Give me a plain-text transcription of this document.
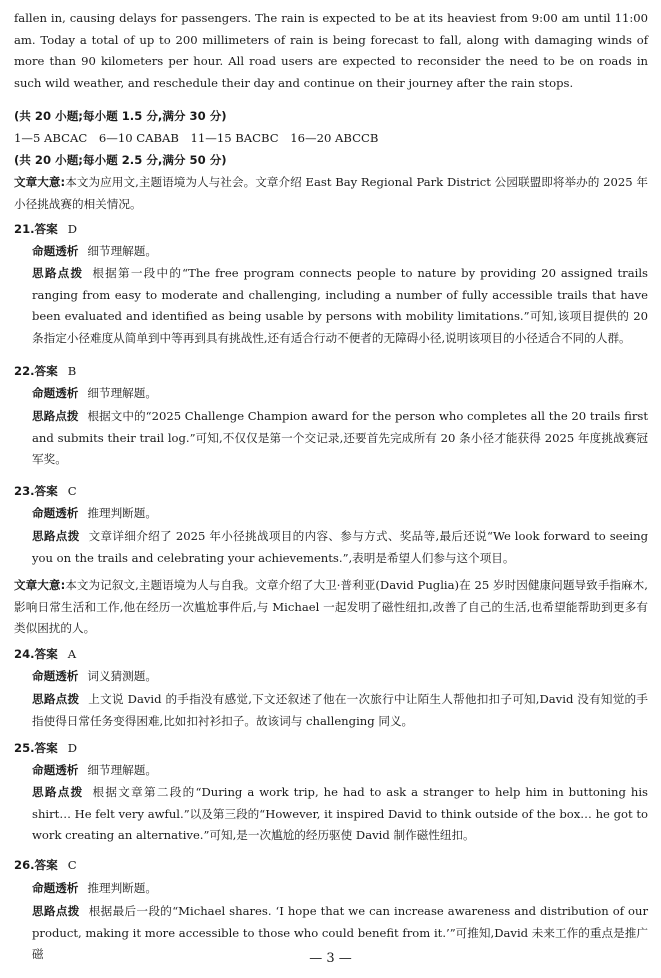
fallen in, causing delays for passengers. The rain is expected to be at its heaviest from 9:00 am until 11:00 am. Today a total of up to 200 millimeters of rain is being forecast to fall, along with damaging winds of more than 90 kilometers per hour. All road users are expected to reconsider the need to be on roads in such wild weather, and reschedule their day and continue on their journey after the rain stops.

(共 20 小题;每小题 1.5 分,满分 30 分)

1—5 ABCAC　6—10 CABAB　11—15 BACBC　16—20 ABCCB

(共 20 小题;每小题 2.5 分,满分 50 分)

文章大意:本文为应用文,主题语境为人与社会。文章介绍 East Bay Regional Park District 公园联盟即将举办的 2025 年小径挑战赛的相关情况。

21.答案 D

命题透析 细节理解题。

思路点拨 根据第一段中的“The free program connects people to nature by providing 20 assigned trails ranging from easy to moderate and challenging, including a number of fully accessible trails that have been evaluated and identified as being usable by persons with mobility limitations.”可知,该项目提供的 20 条指定小径难度从简单到中等再到具有挑战性,还有适合行动不便者的无障碍小径,说明该项目的小径适合不同的人群。

22.答案 B

命题透析 细节理解题。

思路点拨 根据文中的“2025 Challenge Champion award for the person who completes all the 20 trails first and submits their trail log.”可知,不仅仅是第一个交记录,还要首先完成所有 20 条小径才能获得 2025 年度挑战赛冠军奖。

23.答案 C

命题透析 推理判断题。

思路点拨 文章详细介绍了 2025 年小径挑战项目的内容、参与方式、奖品等,最后还说“We look forward to seeing you on the trails and celebrating your achievements.”,表明是希望人们参与这个项目。

文章大意:本文为记叙文,主题语境为人与自我。文章介绍了大卫·普利亚(David Puglia)在 25 岁时因健康问题导致手指麻木,影响日常生活和工作,他在经历一次尴尬事件后,与 Michael 一起发明了磁性纽扣,改善了自己的生活,也希望能帮助到更多有类似困扰的人。

24.答案 A

命题透析 词义猜测题。

思路点拨 上文说 David 的手指没有感觉,下文还叙述了他在一次旅行中让陌生人帮他扣扣子可知,David 没有知觉的手指使得日常任务变得困难,比如扣衬衫扣子。故该词与 challenging 同义。

25.答案 D

命题透析 细节理解题。

思路点拨 根据文章第二段的“During a work trip, he had to ask a stranger to help him in buttoning his shirt… He felt very awful.”以及第三段的“However, it inspired David to think outside of the box… he got to work creating an alternative.”可知,是一次尴尬的经历驱使 David 制作磁性纽扣。

26.答案 C

命题透析 推理判断题。

思路点拨 根据最后一段的“Michael shares. ‘I hope that we can increase awareness and distribution of our product, making it more accessible to those who could benefit from it.’”可推知,David 未来工作的重点是推广磁	— 3 —
